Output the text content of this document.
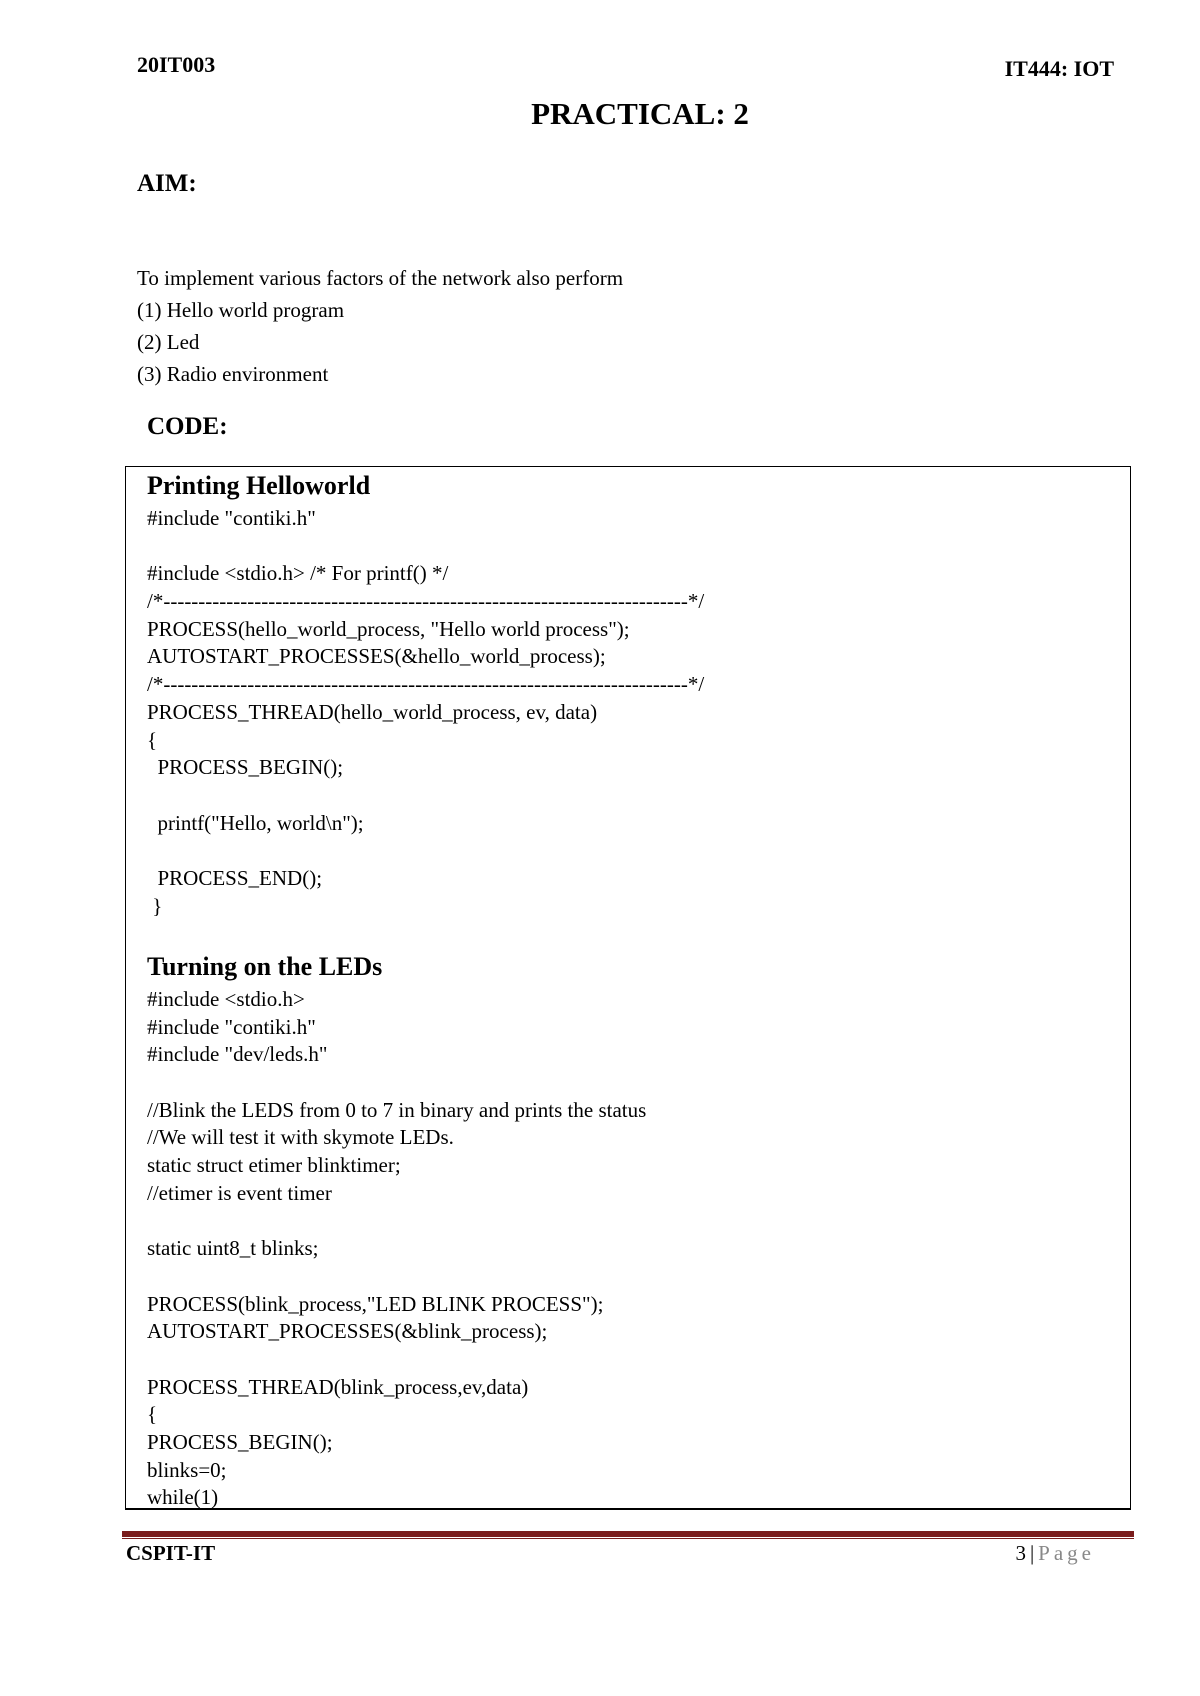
20IT003	IT444: IOT
PRACTICAL: 2
AIM:
To implement various factors of the network also perform
(1) Hello world program
(2) Led
(3) Radio environment
CODE:
Printing Helloworld
#include "contiki.h"
#include <stdio.h> /* For printf() */
/*---------------------------------------------------------------------------*/
PROCESS(hello_world_process, "Hello world process");
AUTOSTART_PROCESSES(&hello_world_process);
/*---------------------------------------------------------------------------*/
PROCESS_THREAD(hello_world_process, ev, data)
{
PROCESS_BEGIN();
printf("Hello, world\n");
PROCESS_END();
}
Turning on the LEDs
#include <stdio.h>
#include "contiki.h"
#include "dev/leds.h"
//Blink the LEDS from 0 to 7 in binary and prints the status
//We will test it with skymote LEDs.
static struct etimer blinktimer;
//etimer is event timer
static uint8_t blinks;
PROCESS(blink_process,"LED BLINK PROCESS");
AUTOSTART_PROCESSES(&blink_process);
PROCESS_THREAD(blink_process,ev,data)
{
PROCESS_BEGIN();
blinks=0;
while(1)
CSPIT-IT	3 | Page
